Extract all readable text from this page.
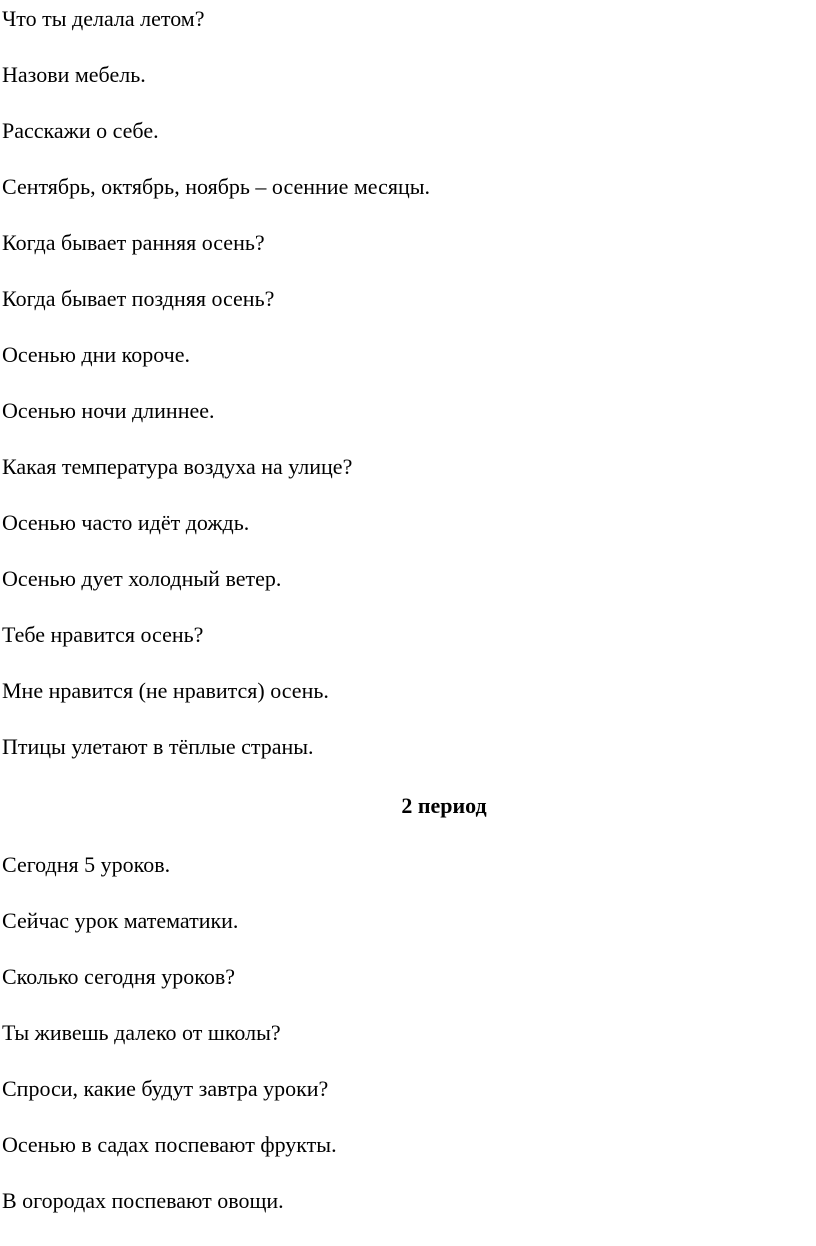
Что ты делала летом?
Назови мебель.
Расскажи о себе.
Сентябрь, октябрь, ноябрь – осенние месяцы.
Когда бывает ранняя осень?
Когда бывает поздняя осень?
Осенью дни короче.
Осенью ночи длиннее.
Какая температура воздуха на улице?
Осенью часто идёт дождь.
Осенью дует холодный ветер.
Тебе нравится осень?
Мне нравится (не нравится) осень.
Птицы улетают в тёплые страны.
2 период
Сегодня 5 уроков.
Сейчас урок математики.
Сколько сегодня уроков?
Ты живешь далеко от школы?
Спроси, какие будут завтра уроки?
Осенью в садах поспевают фрукты.
В огородах поспевают овощи.
